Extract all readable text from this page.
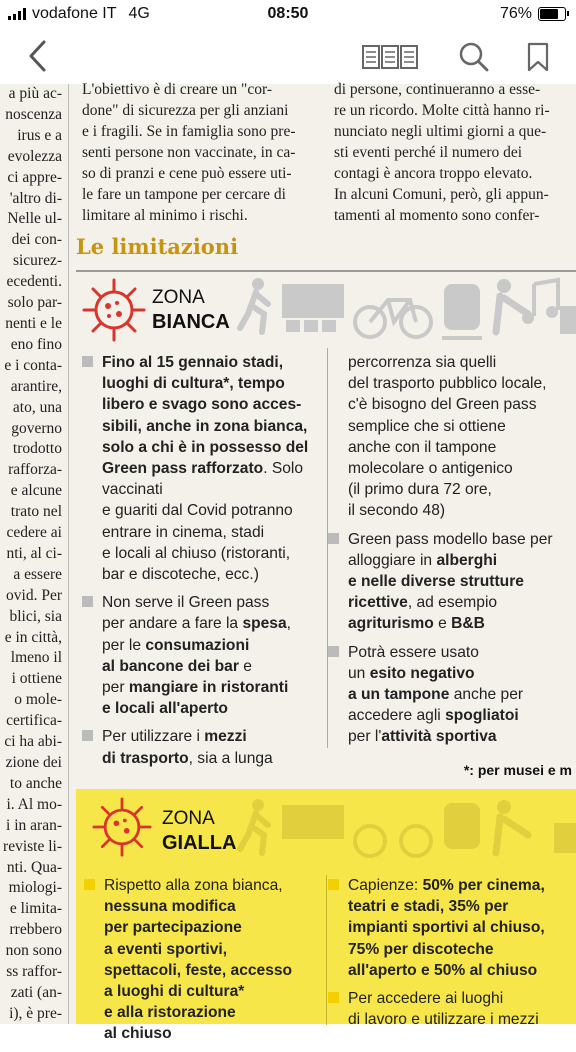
vodafone IT 4G	08:50	76%
a più ac-
noscenza
irus e a
evolezza
ci appre-
'altro di-
Nelle ul-
dei con-
sicurez-
ecedenti.
solo par-
nenti e le
eno fino
e i conta-
arantire,
ato, una
governo
trodotto
rafforza-
e alcune
trato nel
cedere ai
nti, al ci-
a essere
ovid. Per
blici, sia
e in città,
lmeno il
i ottiene
o mole-
certifica-
ci ha abi-
zione dei
to anche
i. Al mo-
i in aran-
reviste li-
nti. Qua-
miologi-
e limita-
rrebbero
non sono
ss raffor-
zati (an-
i), è pre-
L'obiettivo è di creare un "cor-
done" di sicurezza per gli anziani
e i fragili. Se in famiglia sono pre-
senti persone non vaccinate, in ca-
so di pranzi e cene può essere uti-
le fare un tampone per cercare di
limitare al minimo i rischi.
di persone, continueranno a esse-
re un ricordo. Molte città hanno ri-
nunciato negli ultimi giorni a que-
sti eventi perché il numero dei
contagi è ancora troppo elevato.
In alcuni Comuni, però, gli appun-
tamenti al momento sono confer-
Le limitazioni
ZONA
BIANCA
Fino al 15 gennaio stadi,
luoghi di cultura*, tempo
libero e svago sono acces-
sibili, anche in zona bianca,
solo a chi è in possesso del
Green pass rafforzato. Solo
vaccinati
e guariti dal Covid potranno
entrare in cinema, stadi
e locali al chiuso (ristoranti,
bar e discoteche, ecc.)
Non serve il Green pass
per andare a fare la spesa,
per le consumazioni
al bancone dei bar e
per mangiare in ristoranti
e locali all'aperto
Per utilizzare i mezzi
di trasporto, sia a lunga
percorrenza sia quelli
del trasporto pubblico locale,
c'è bisogno del Green pass
semplice che si ottiene
anche con il tampone
molecolare o antigenico
(il primo dura 72 ore,
il secondo 48)
Green pass modello base per
alloggiare in alberghi
e nelle diverse strutture
ricettive, ad esempio
agriturismo e B&B
Potrà essere usato
un esito negativo
a un tampone anche per
accedere agli spogliatoi
per l'attività sportiva
*: per musei e m
ZONA
GIALLA
Rispetto alla zona bianca,
nessuna modifica
per partecipazione
a eventi sportivi,
spettacoli, feste, accesso
a luoghi di cultura*
e alla ristorazione
al chiuso
Capienze: 50% per cinema,
teatri e stadi, 35% per
impianti sportivi al chiuso,
75% per discoteche
all'aperto e 50% al chiuso
Per accedere ai luoghi
di lavoro e utilizzare i mezzi
